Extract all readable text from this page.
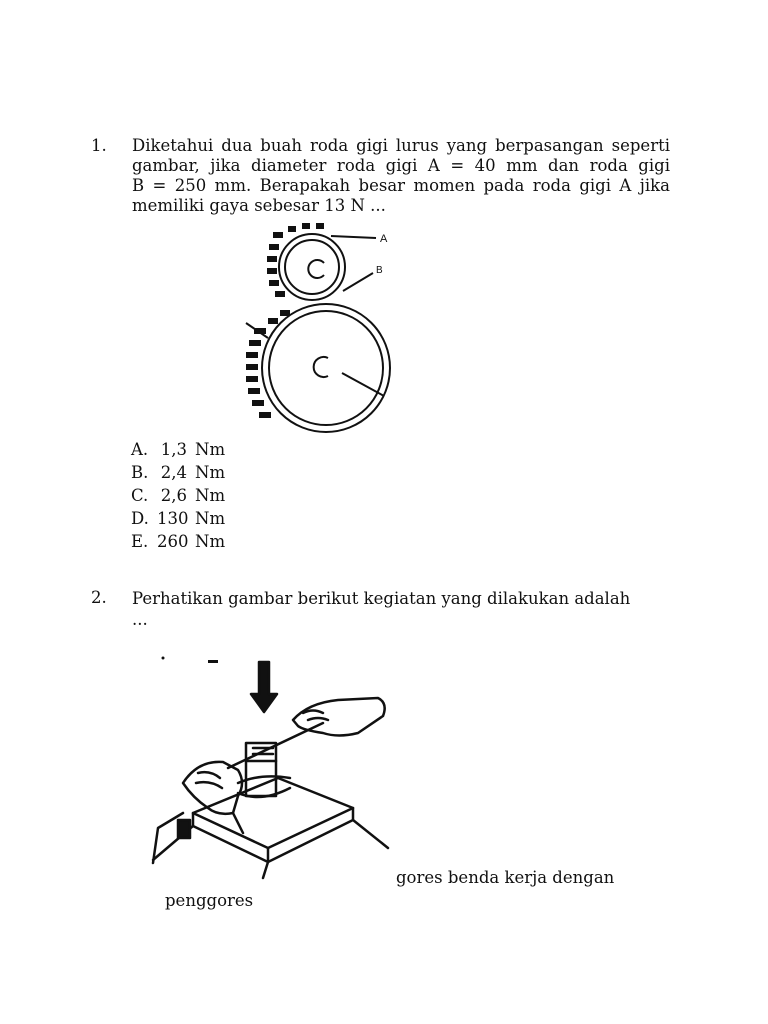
1. Diketahui dua buah roda gigi lurus yang berpasangan seperti
gambar, jika diameter roda gigi A = 40 mm dan roda gigi
B = 250 mm. Berapakah besar momen pada roda gigi A jika
memiliki gaya sebesar 13 N ...
A
B
A. 1,3 Nm
B. 2,4 Nm
C. 2,6 Nm
D. 130 Nm
E. 260 Nm
2. Perhatikan gambar berikut kegiatan yang dilakukan adalah
...
gores benda kerja dengan
penggores
